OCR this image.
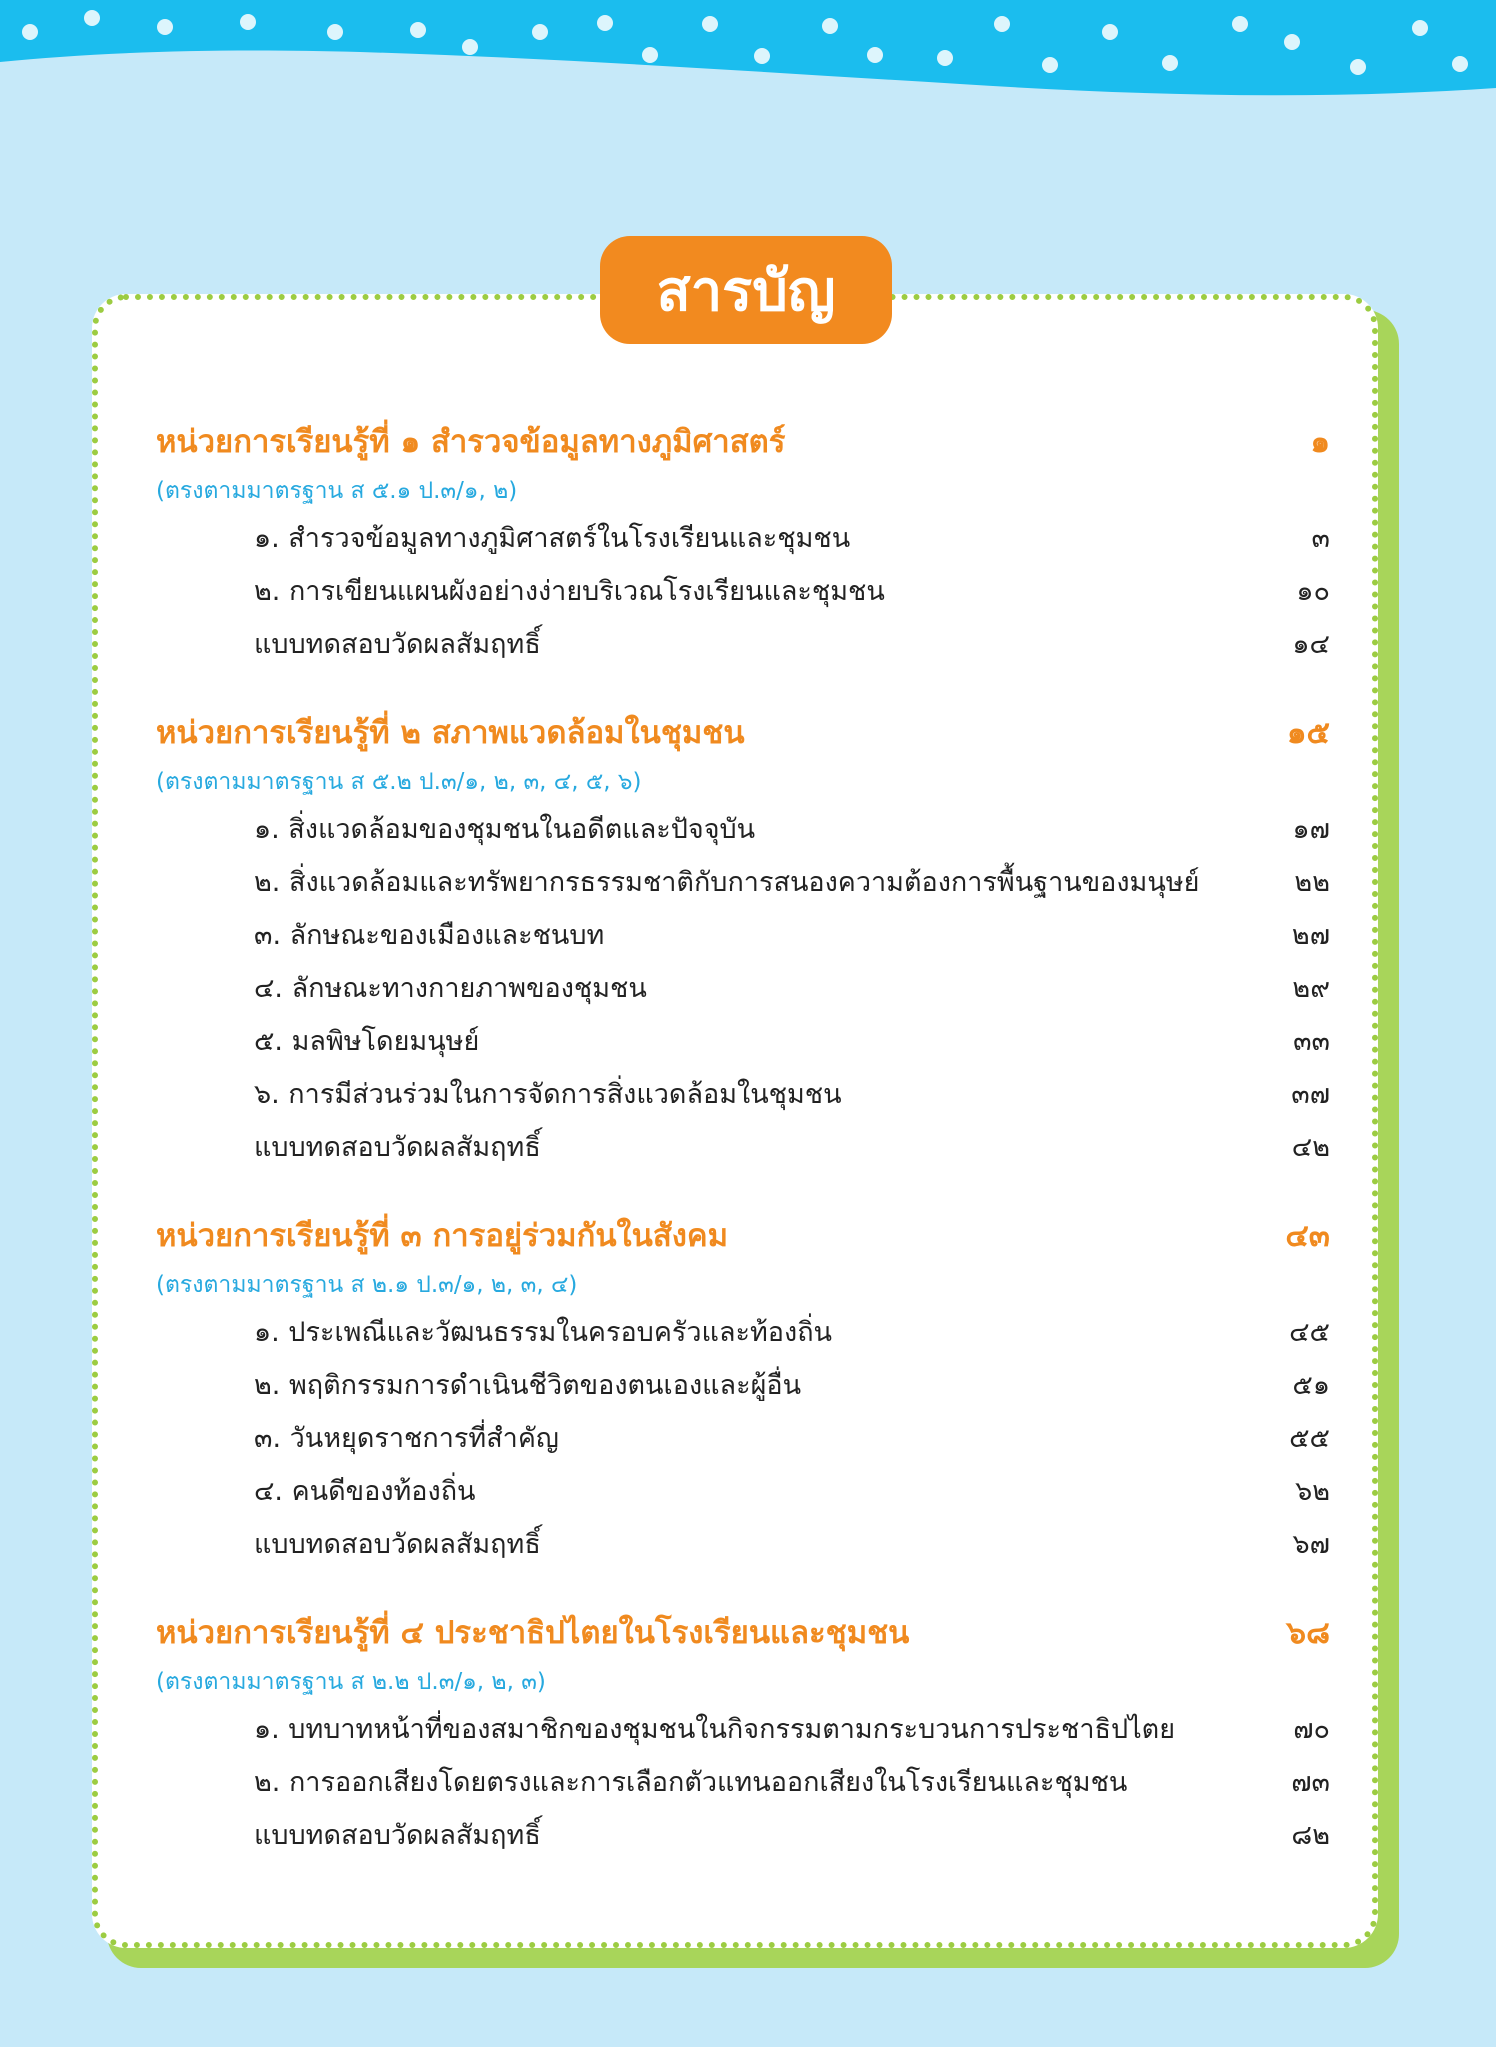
สารบัญ
หน่วยการเรียนรู้ที่ ๑ สำรวจข้อมูลทางภูมิศาสตร์	๑
(ตรงตามมาตรฐาน ส ๕.๑ ป.๓/๑, ๒)
๑. สำรวจข้อมูลทางภูมิศาสตร์ในโรงเรียนและชุมชน	๓
๒. การเขียนแผนผังอย่างง่ายบริเวณโรงเรียนและชุมชน	๑๐
แบบทดสอบวัดผลสัมฤทธิ์	๑๔
หน่วยการเรียนรู้ที่ ๒ สภาพแวดล้อมในชุมชน	๑๕
(ตรงตามมาตรฐาน ส ๕.๒ ป.๓/๑, ๒, ๓, ๔, ๕, ๖)
๑. สิ่งแวดล้อมของชุมชนในอดีตและปัจจุบัน	๑๗
๒. สิ่งแวดล้อมและทรัพยากรธรรมชาติกับการสนองความต้องการพื้นฐานของมนุษย์	๒๒
๓. ลักษณะของเมืองและชนบท	๒๗
๔. ลักษณะทางกายภาพของชุมชน	๒๙
๕. มลพิษโดยมนุษย์	๓๓
๖. การมีส่วนร่วมในการจัดการสิ่งแวดล้อมในชุมชน	๓๗
แบบทดสอบวัดผลสัมฤทธิ์	๔๒
หน่วยการเรียนรู้ที่ ๓ การอยู่ร่วมกันในสังคม	๔๓
(ตรงตามมาตรฐาน ส ๒.๑ ป.๓/๑, ๒, ๓, ๔)
๑. ประเพณีและวัฒนธรรมในครอบครัวและท้องถิ่น	๔๕
๒. พฤติกรรมการดำเนินชีวิตของตนเองและผู้อื่น	๕๑
๓. วันหยุดราชการที่สำคัญ	๕๕
๔. คนดีของท้องถิ่น	๖๒
แบบทดสอบวัดผลสัมฤทธิ์	๖๗
หน่วยการเรียนรู้ที่ ๔ ประชาธิปไตยในโรงเรียนและชุมชน	๖๘
(ตรงตามมาตรฐาน ส ๒.๒ ป.๓/๑, ๒, ๓)
๑. บทบาทหน้าที่ของสมาชิกของชุมชนในกิจกรรมตามกระบวนการประชาธิปไตย	๗๐
๒. การออกเสียงโดยตรงและการเลือกตัวแทนออกเสียงในโรงเรียนและชุมชน	๗๓
แบบทดสอบวัดผลสัมฤทธิ์	๘๒
